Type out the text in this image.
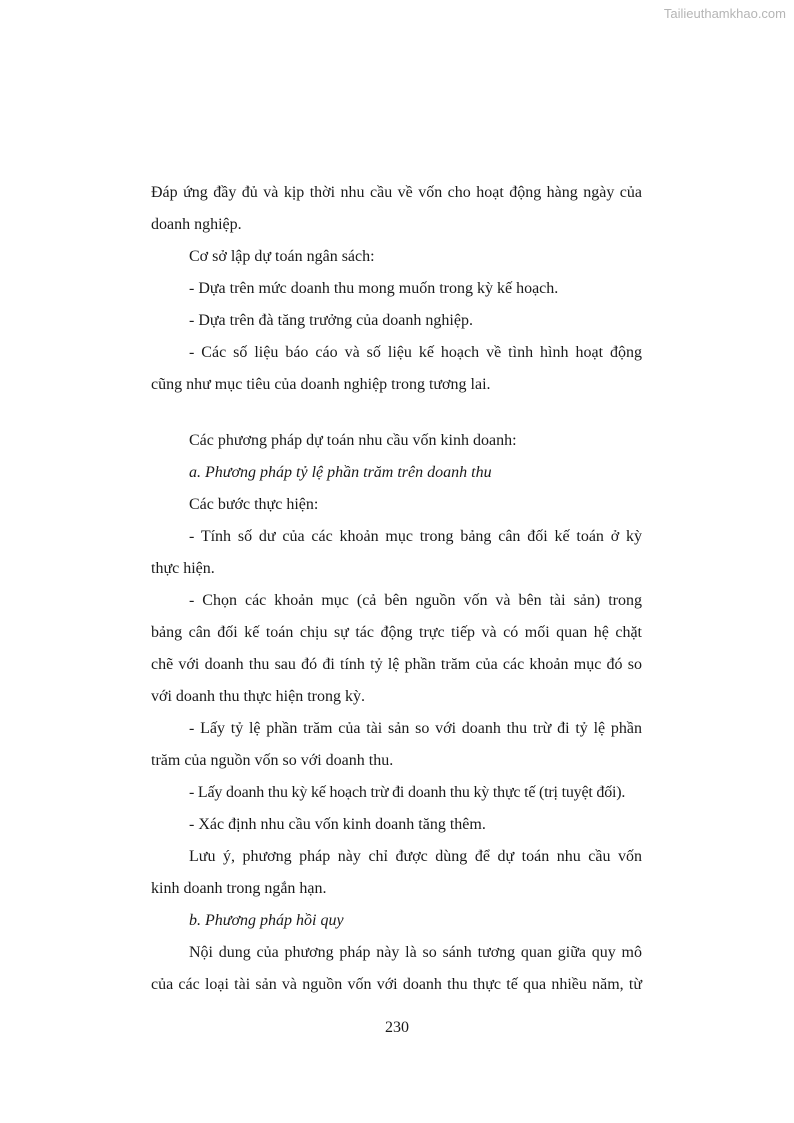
Tailieuthamkhao.com
Đáp ứng đầy đủ và kịp thời nhu cầu về vốn cho hoạt động hàng ngày của
doanh nghiệp.
Cơ sở lập dự toán ngân sách:
- Dựa trên mức doanh thu mong muốn trong kỳ kế hoạch.
- Dựa trên đà tăng trưởng của doanh nghiệp.
- Các số liệu báo cáo và số liệu kế hoạch về tình hình hoạt động
cũng như mục tiêu của doanh nghiệp trong tương lai.
Các phương pháp dự toán nhu cầu vốn kinh doanh:
a. Phương pháp tỷ lệ phần trăm trên doanh thu
Các bước thực hiện:
- Tính số dư của các khoản mục trong bảng cân đối kế toán ở kỳ
thực hiện.
- Chọn các khoản mục (cả bên nguồn vốn và bên tài sản) trong
bảng cân đối kế toán chịu sự tác động trực tiếp và có mối quan hệ chặt
chẽ với doanh thu sau đó đi tính tỷ lệ phần trăm của các khoản mục đó so
với doanh thu thực hiện trong kỳ.
- Lấy tỷ lệ phần trăm của tài sản so với doanh thu trừ đi tỷ lệ phần
trăm của nguồn vốn so với doanh thu.
- Lấy doanh thu kỳ kế hoạch trừ đi doanh thu kỳ thực tế (trị tuyệt đối).
- Xác định nhu cầu vốn kinh doanh tăng thêm.
Lưu ý, phương pháp này chỉ được dùng để dự toán nhu cầu vốn
kinh doanh trong ngắn hạn.
b. Phương pháp hồi quy
Nội dung của phương pháp này là so sánh tương quan giữa quy mô
của các loại tài sản và nguồn vốn với doanh thu thực tế qua nhiều năm, từ
230
